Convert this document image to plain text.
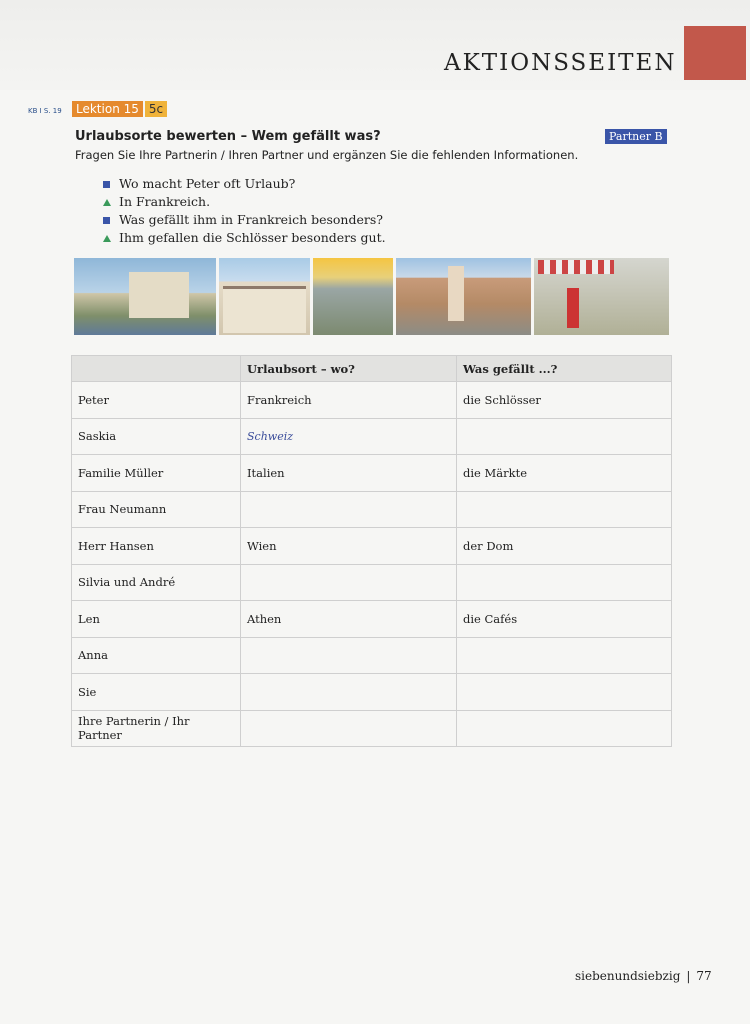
AKTIONSSEITEN
KB I S. 19	Lektion 15 5c
Urlaubsorte bewerten – Wem gefällt was?	Partner B
Fragen Sie Ihre Partnerin / Ihren Partner und ergänzen Sie die fehlenden Informationen.
Wo macht Peter oft Urlaub?
In Frankreich.
Was gefällt ihm in Frankreich besonders?
Ihm gefallen die Schlösser besonders gut.
	Urlaubsort – wo?	Was gefällt ...?
Peter	Frankreich	die Schlösser
Saskia	Schweiz	
Familie Müller	Italien	die Märkte
Frau Neumann		
Herr Hansen	Wien	der Dom
Silvia und André		
Len	Athen	die Cafés
Anna		
Sie		
Ihre Partnerin / Ihr Partner		
siebenundsiebzig | 77
